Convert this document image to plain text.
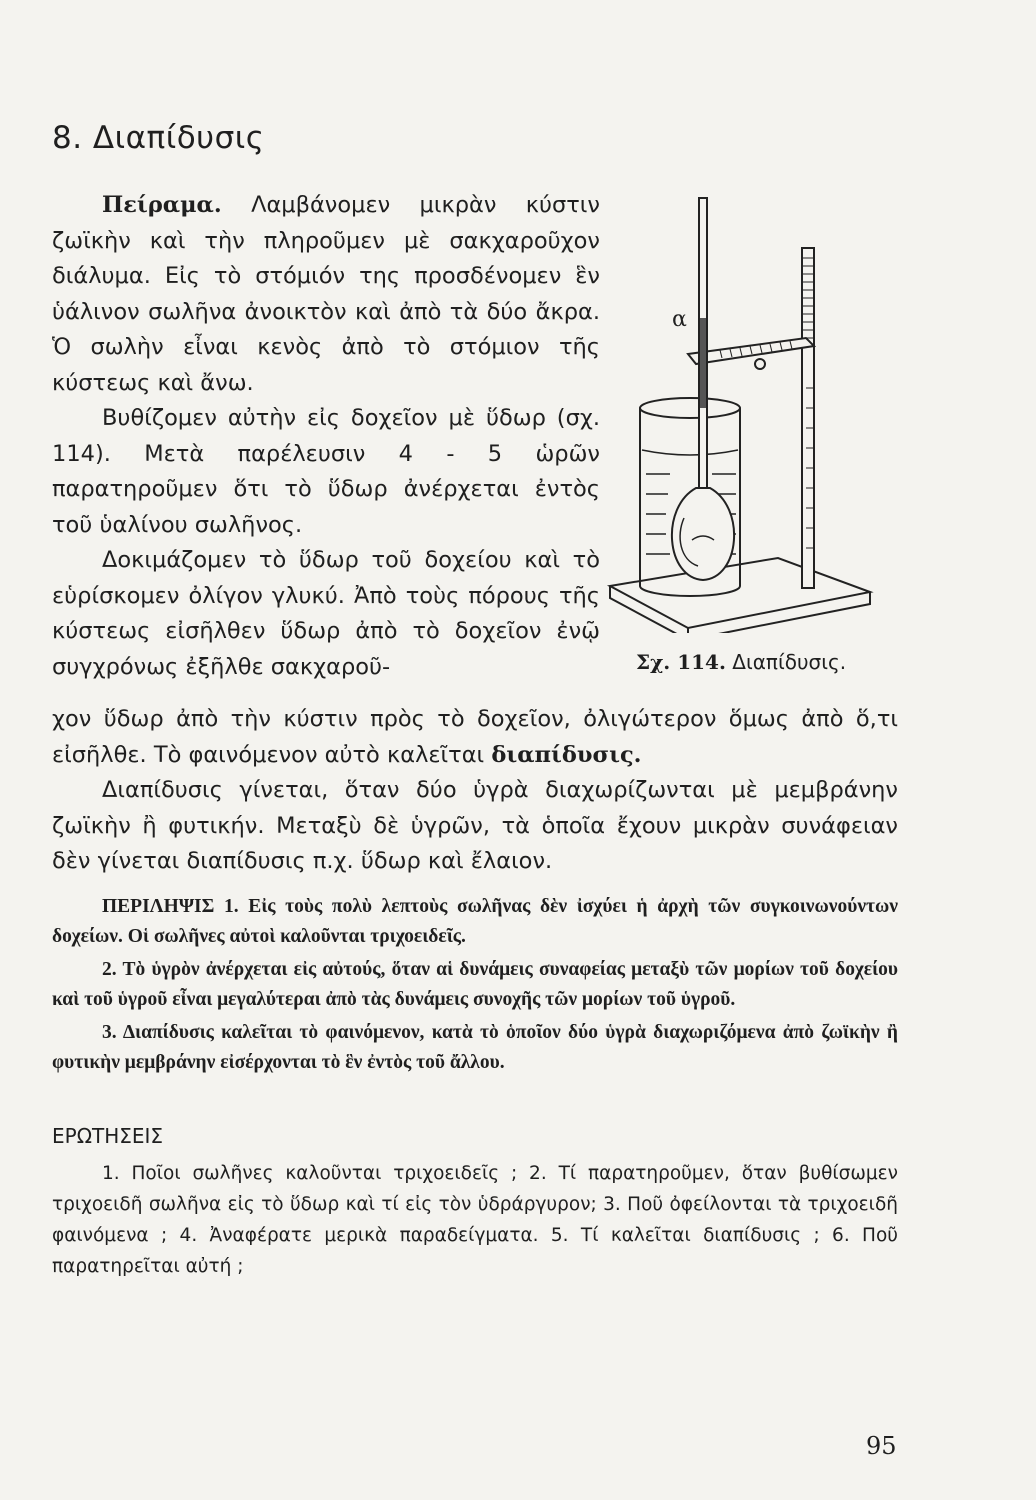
8. Διαπίδυσις

Πείραμα. Λαμβάνομεν μικρὰν κύστιν ζωϊκὴν καὶ τὴν πληροῦμεν μὲ σακχαροῦχον διάλυμα. Εἰς τὸ στόμιόν της προσδένομεν ἓν ὑάλινον σωλῆνα ἀνοικτὸν καὶ ἀπὸ τὰ δύο ἄκρα. Ὁ σωλὴν εἶναι κενὸς ἀπὸ τὸ στόμιον τῆς κύστεως καὶ ἄνω.

Βυθίζομεν αὐτὴν εἰς δοχεῖον μὲ ὕδωρ (σχ. 114). Μετὰ παρέλευσιν 4 - 5 ὡρῶν παρατηροῦμεν ὅτι τὸ ὕδωρ ἀνέρχεται ἐντὸς τοῦ ὑαλίνου σωλῆνος.

Δοκιμάζομεν τὸ ὕδωρ τοῦ δοχείου καὶ τὸ εὑρίσκομεν ὀλίγον γλυκύ. Ἀπὸ τοὺς πόρους τῆς κύστεως εἰσῆλθεν ὕδωρ ἀπὸ τὸ δοχεῖον ἐνῷ συγχρόνως ἐξῆλθε σακχαροῦ-

α
Σχ. 114. Διαπίδυσις.

χον ὕδωρ ἀπὸ τὴν κύστιν πρὸς τὸ δοχεῖον, ὀλιγώτερον ὅμως ἀπὸ ὅ,τι εἰσῆλθε. Τὸ φαινόμενον αὐτὸ καλεῖται διαπίδυσις.

Διαπίδυσις γίνεται, ὅταν δύο ὑγρὰ διαχωρίζωνται μὲ μεμβράνην ζωϊκὴν ἢ φυτικήν. Μεταξὺ δὲ ὑγρῶν, τὰ ὁποῖα ἔχουν μικρὰν συνάφειαν δὲν γίνεται διαπίδυσις π.χ. ὕδωρ καὶ ἔλαιον.

ΠΕΡΙΛΗΨΙΣ 1. Εἰς τοὺς πολὺ λεπτοὺς σωλῆνας δὲν ἰσχύει ἡ ἀρχὴ τῶν συγκοινωνούντων δοχείων. Οἱ σωλῆνες αὐτοὶ καλοῦνται τριχοειδεῖς.

2. Τὸ ὑγρὸν ἀνέρχεται εἰς αὐτούς, ὅταν αἱ δυνάμεις συναφείας μεταξὺ τῶν μορίων τοῦ δοχείου καὶ τοῦ ὑγροῦ εἶναι μεγαλύτεραι ἀπὸ τὰς δυνάμεις συνοχῆς τῶν μορίων τοῦ ὑγροῦ.

3. Διαπίδυσις καλεῖται τὸ φαινόμενον, κατὰ τὸ ὁποῖον δύο ὑγρὰ διαχωριζόμενα ἀπὸ ζωϊκὴν ἢ φυτικὴν μεμβράνην εἰσέρχονται τὸ ἓν ἐντὸς τοῦ ἄλλου.

ΕΡΩΤΗΣΕΙΣ

1. Ποῖοι σωλῆνες καλοῦνται τριχοειδεῖς ; 2. Τί παρατηροῦμεν, ὅταν βυθίσωμεν τριχοειδῆ σωλῆνα εἰς τὸ ὕδωρ καὶ τί εἰς τὸν ὑδράργυρον; 3. Ποῦ ὀφείλονται τὰ τριχοειδῆ φαινόμενα ; 4. Ἀναφέρατε μερικὰ παραδείγματα. 5. Τί καλεῖται διαπίδυσις ; 6. Ποῦ παρατηρεῖται αὐτή ;

95
